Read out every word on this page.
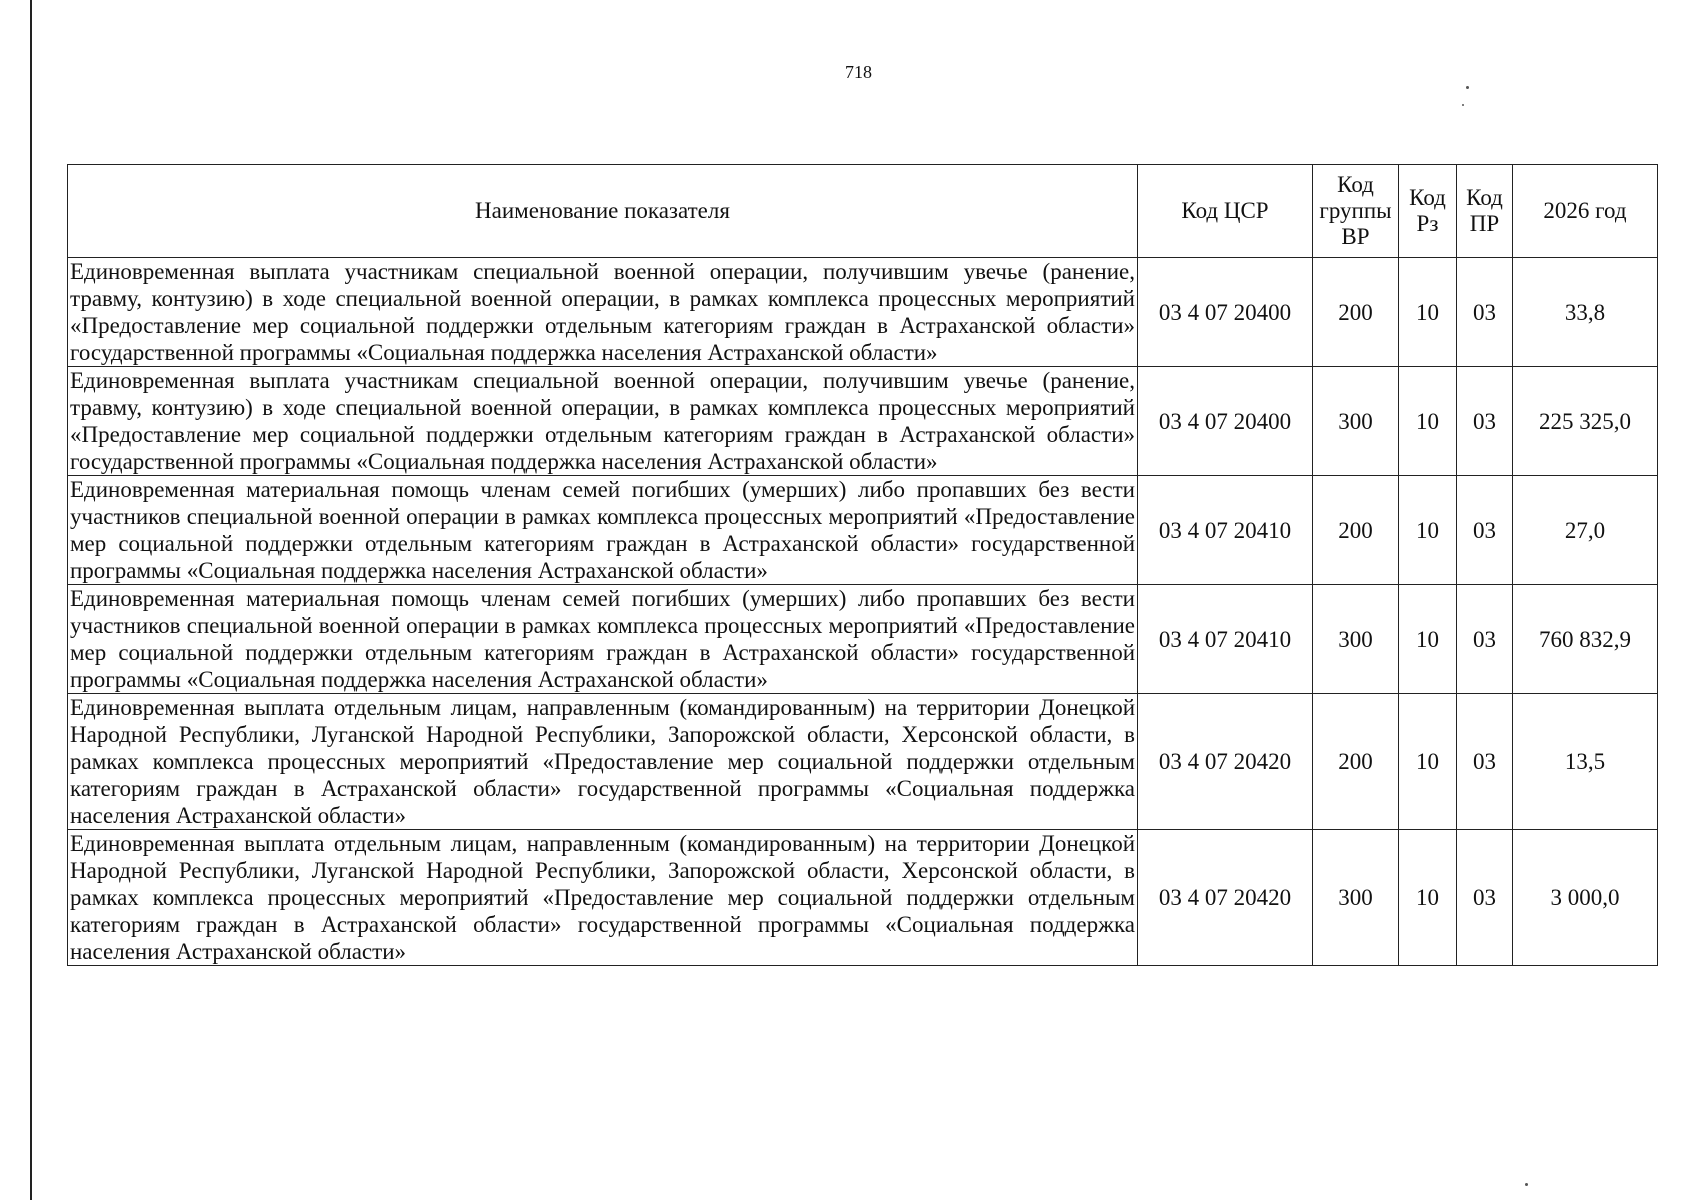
718
Наименование показателя	Код ЦСР	Код группы ВР	Код Рз	Код ПР	2026 год
Единовременная выплата участникам специальной военной операции, получившим увечье (ранение, травму, контузию) в ходе специальной военной операции, в рамках комплекса процессных мероприятий «Предоставление мер социальной поддержки отдельным категориям граждан в Астраханской области» государственной программы «Социальная поддержка населения Астраханской области»	03 4 07 20400	200	10	03	33,8
Единовременная выплата участникам специальной военной операции, получившим увечье (ранение, травму, контузию) в ходе специальной военной операции, в рамках комплекса процессных мероприятий «Предоставление мер социальной поддержки отдельным категориям граждан в Астраханской области» государственной программы «Социальная поддержка населения Астраханской области»	03 4 07 20400	300	10	03	225 325,0
Единовременная материальная помощь членам семей погибших (умерших) либо пропавших без вести участников специальной военной операции в рамках комплекса процессных мероприятий «Предоставление мер социальной поддержки отдельным категориям граждан в Астраханской области» государственной программы «Социальная поддержка населения Астраханской области»	03 4 07 20410	200	10	03	27,0
Единовременная материальная помощь членам семей погибших (умерших) либо пропавших без вести участников специальной военной операции в рамках комплекса процессных мероприятий «Предоставление мер социальной поддержки отдельным категориям граждан в Астраханской области» государственной программы «Социальная поддержка населения Астраханской области»	03 4 07 20410	300	10	03	760 832,9
Единовременная выплата отдельным лицам, направленным (командированным) на территории Донецкой Народной Республики, Луганской Народной Республики, Запорожской области, Херсонской области, в рамках комплекса процессных мероприятий «Предоставление мер социальной поддержки отдельным категориям граждан в Астраханской области» государственной программы «Социальная поддержка населения Астраханской области»	03 4 07 20420	200	10	03	13,5
Единовременная выплата отдельным лицам, направленным (командированным) на территории Донецкой Народной Республики, Луганской Народной Республики, Запорожской области, Херсонской области, в рамках комплекса процессных мероприятий «Предоставление мер социальной поддержки отдельным категориям граждан в Астраханской области» государственной программы «Социальная поддержка населения Астраханской области»	03 4 07 20420	300	10	03	3 000,0
